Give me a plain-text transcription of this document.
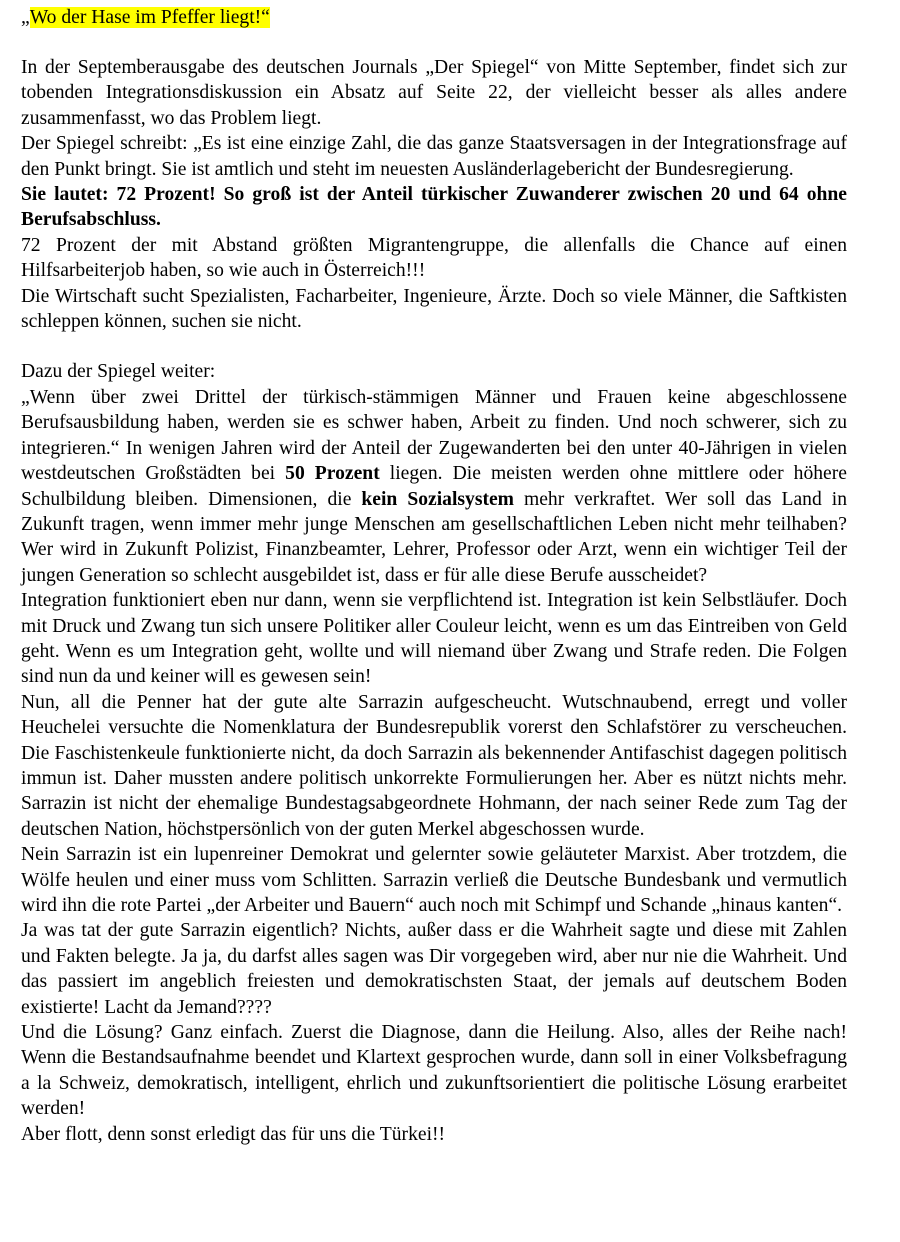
„Wo der Hase im Pfeffer liegt!“

In der Septemberausgabe des deutschen Journals „Der Spiegel“ von Mitte September, findet sich zur tobenden Integrationsdiskussion ein Absatz auf Seite 22, der vielleicht besser als alles andere zusammenfasst, wo das Problem liegt.

Der Spiegel schreibt: „Es ist eine einzige Zahl, die das ganze Staatsversagen in der Integrationsfrage auf den Punkt bringt. Sie ist amtlich und steht im neuesten Ausländerlagebericht der Bundesregierung.

Sie lautet: 72 Prozent! So groß ist der Anteil türkischer Zuwanderer zwischen 20 und 64 ohne Berufsabschluss.

72 Prozent der mit Abstand größten Migrantengruppe, die allenfalls die Chance auf einen Hilfsarbeiterjob haben, so wie auch in Österreich!!!

Die Wirtschaft sucht Spezialisten, Facharbeiter, Ingenieure, Ärzte. Doch so viele Männer, die Saftkisten schleppen können, suchen sie nicht.

Dazu der Spiegel weiter:

„Wenn über zwei Drittel der türkisch-stämmigen Männer und Frauen keine abgeschlossene Berufsausbildung haben, werden sie es schwer haben, Arbeit zu finden. Und noch schwerer, sich zu integrieren.“ In wenigen Jahren wird der Anteil der Zugewanderten bei den unter 40-Jährigen in vielen westdeutschen Großstädten bei 50 Prozent liegen. Die meisten werden ohne mittlere oder höhere Schulbildung bleiben. Dimensionen, die kein Sozialsystem mehr verkraftet. Wer soll das Land in Zukunft tragen, wenn immer mehr junge Menschen am gesellschaftlichen Leben nicht mehr teilhaben? Wer wird in Zukunft Polizist, Finanzbeamter, Lehrer, Professor oder Arzt, wenn ein wichtiger Teil der jungen Generation so schlecht ausgebildet ist, dass er für alle diese Berufe ausscheidet?

Integration funktioniert eben nur dann, wenn sie verpflichtend ist. Integration ist kein Selbstläufer. Doch mit Druck und Zwang tun sich unsere Politiker aller Couleur leicht, wenn es um das Eintreiben von Geld geht. Wenn es um Integration geht, wollte und will niemand über Zwang und Strafe reden. Die Folgen sind nun da und keiner will es gewesen sein!

Nun, all die Penner hat der gute alte Sarrazin aufgescheucht. Wutschnaubend, erregt und voller Heuchelei versuchte die Nomenklatura der Bundesrepublik vorerst den Schlafstörer zu verscheuchen. Die Faschistenkeule funktionierte nicht, da doch Sarrazin als bekennender Antifaschist dagegen politisch immun ist. Daher mussten andere politisch unkorrekte Formulierungen her. Aber es nützt nichts mehr. Sarrazin ist nicht der ehemalige Bundestagsabgeordnete Hohmann, der nach seiner Rede zum Tag der deutschen Nation, höchstpersönlich von der guten Merkel abgeschossen wurde.

Nein Sarrazin ist ein lupenreiner Demokrat und gelernter sowie geläuteter Marxist. Aber trotzdem, die Wölfe heulen und einer muss vom Schlitten. Sarrazin verließ die Deutsche Bundesbank und vermutlich wird ihn die rote Partei „der Arbeiter und Bauern“ auch noch mit Schimpf und Schande „hinaus kanten“.

Ja was tat der gute Sarrazin eigentlich? Nichts, außer dass er die Wahrheit sagte und diese mit Zahlen und Fakten belegte. Ja ja, du darfst alles sagen was Dir vorgegeben wird, aber nur nie die Wahrheit. Und das passiert im angeblich freiesten und demokratischsten Staat, der jemals auf deutschem Boden existierte! Lacht da Jemand????

Und die Lösung? Ganz einfach. Zuerst die Diagnose, dann die Heilung. Also, alles der Reihe nach! Wenn die Bestandsaufnahme beendet und Klartext gesprochen wurde, dann soll in einer Volksbefragung a la Schweiz, demokratisch, intelligent, ehrlich und zukunftsorientiert die politische Lösung erarbeitet werden!

Aber flott, denn sonst erledigt das für uns die Türkei!!
